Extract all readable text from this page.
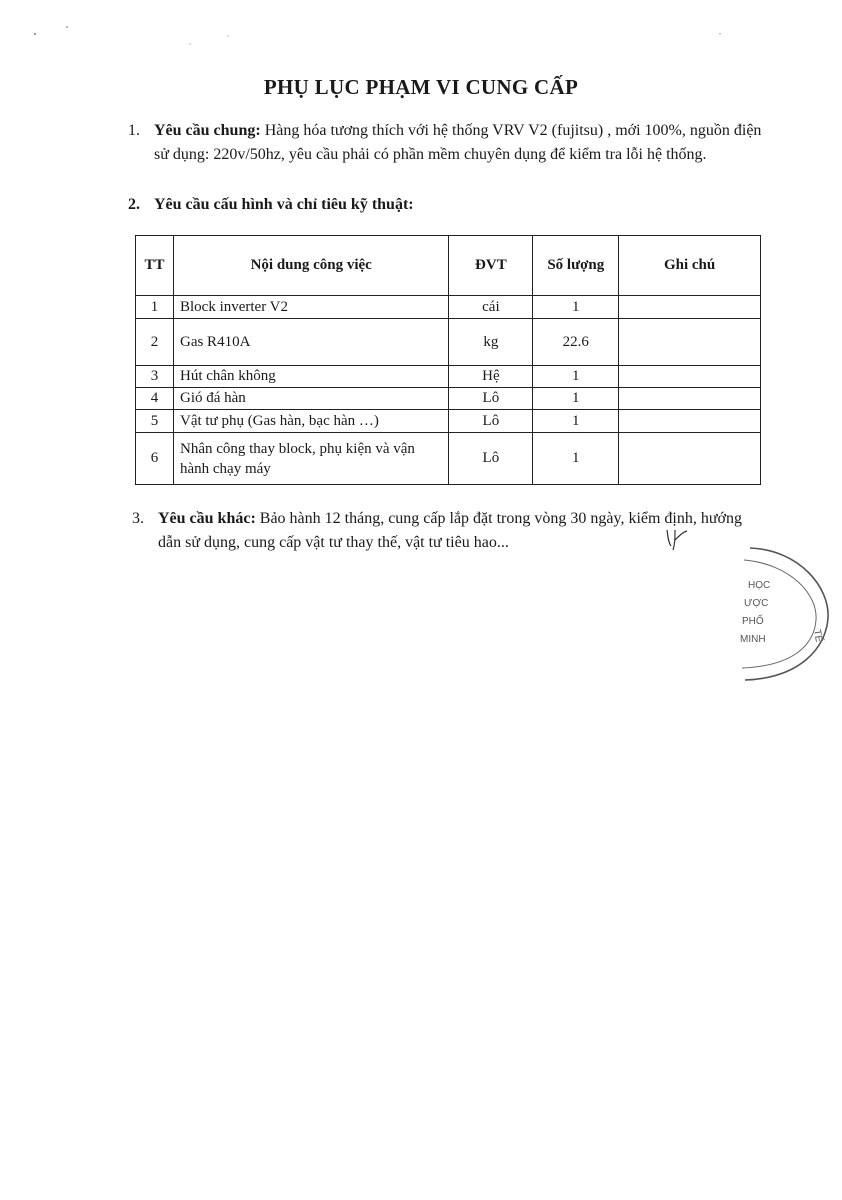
PHỤ LỤC PHẠM VI CUNG CẤP
1. Yêu cầu chung: Hàng hóa tương thích với hệ thống VRV V2 (fujitsu) , mới 100%, nguồn điện sử dụng: 220v/50hz, yêu cầu phải có phần mềm chuyên dụng để kiểm tra lỗi hệ thống.
2. Yêu cầu cấu hình và chỉ tiêu kỹ thuật:
TT	Nội dung công việc	ĐVT	Số lượng	Ghi chú
1	Block inverter V2	cái	1	
2	Gas R410A	kg	22.6	
3	Hút chân không	Hệ	1	
4	Gió đá hàn	Lô	1	
5	Vật tư phụ (Gas hàn, bạc hàn …)	Lô	1	
6	Nhân công thay block, phụ kiện và vận hành chạy máy	Lô	1	
3. Yêu cầu khác: Bảo hành 12 tháng, cung cấp lắp đặt trong vòng 30 ngày, kiểm định, hướng dẫn sử dụng, cung cấp vật tư thay thế, vật tư tiêu hao...
HỌC
ƯỢC
PHỐ
MINH	TẾ
